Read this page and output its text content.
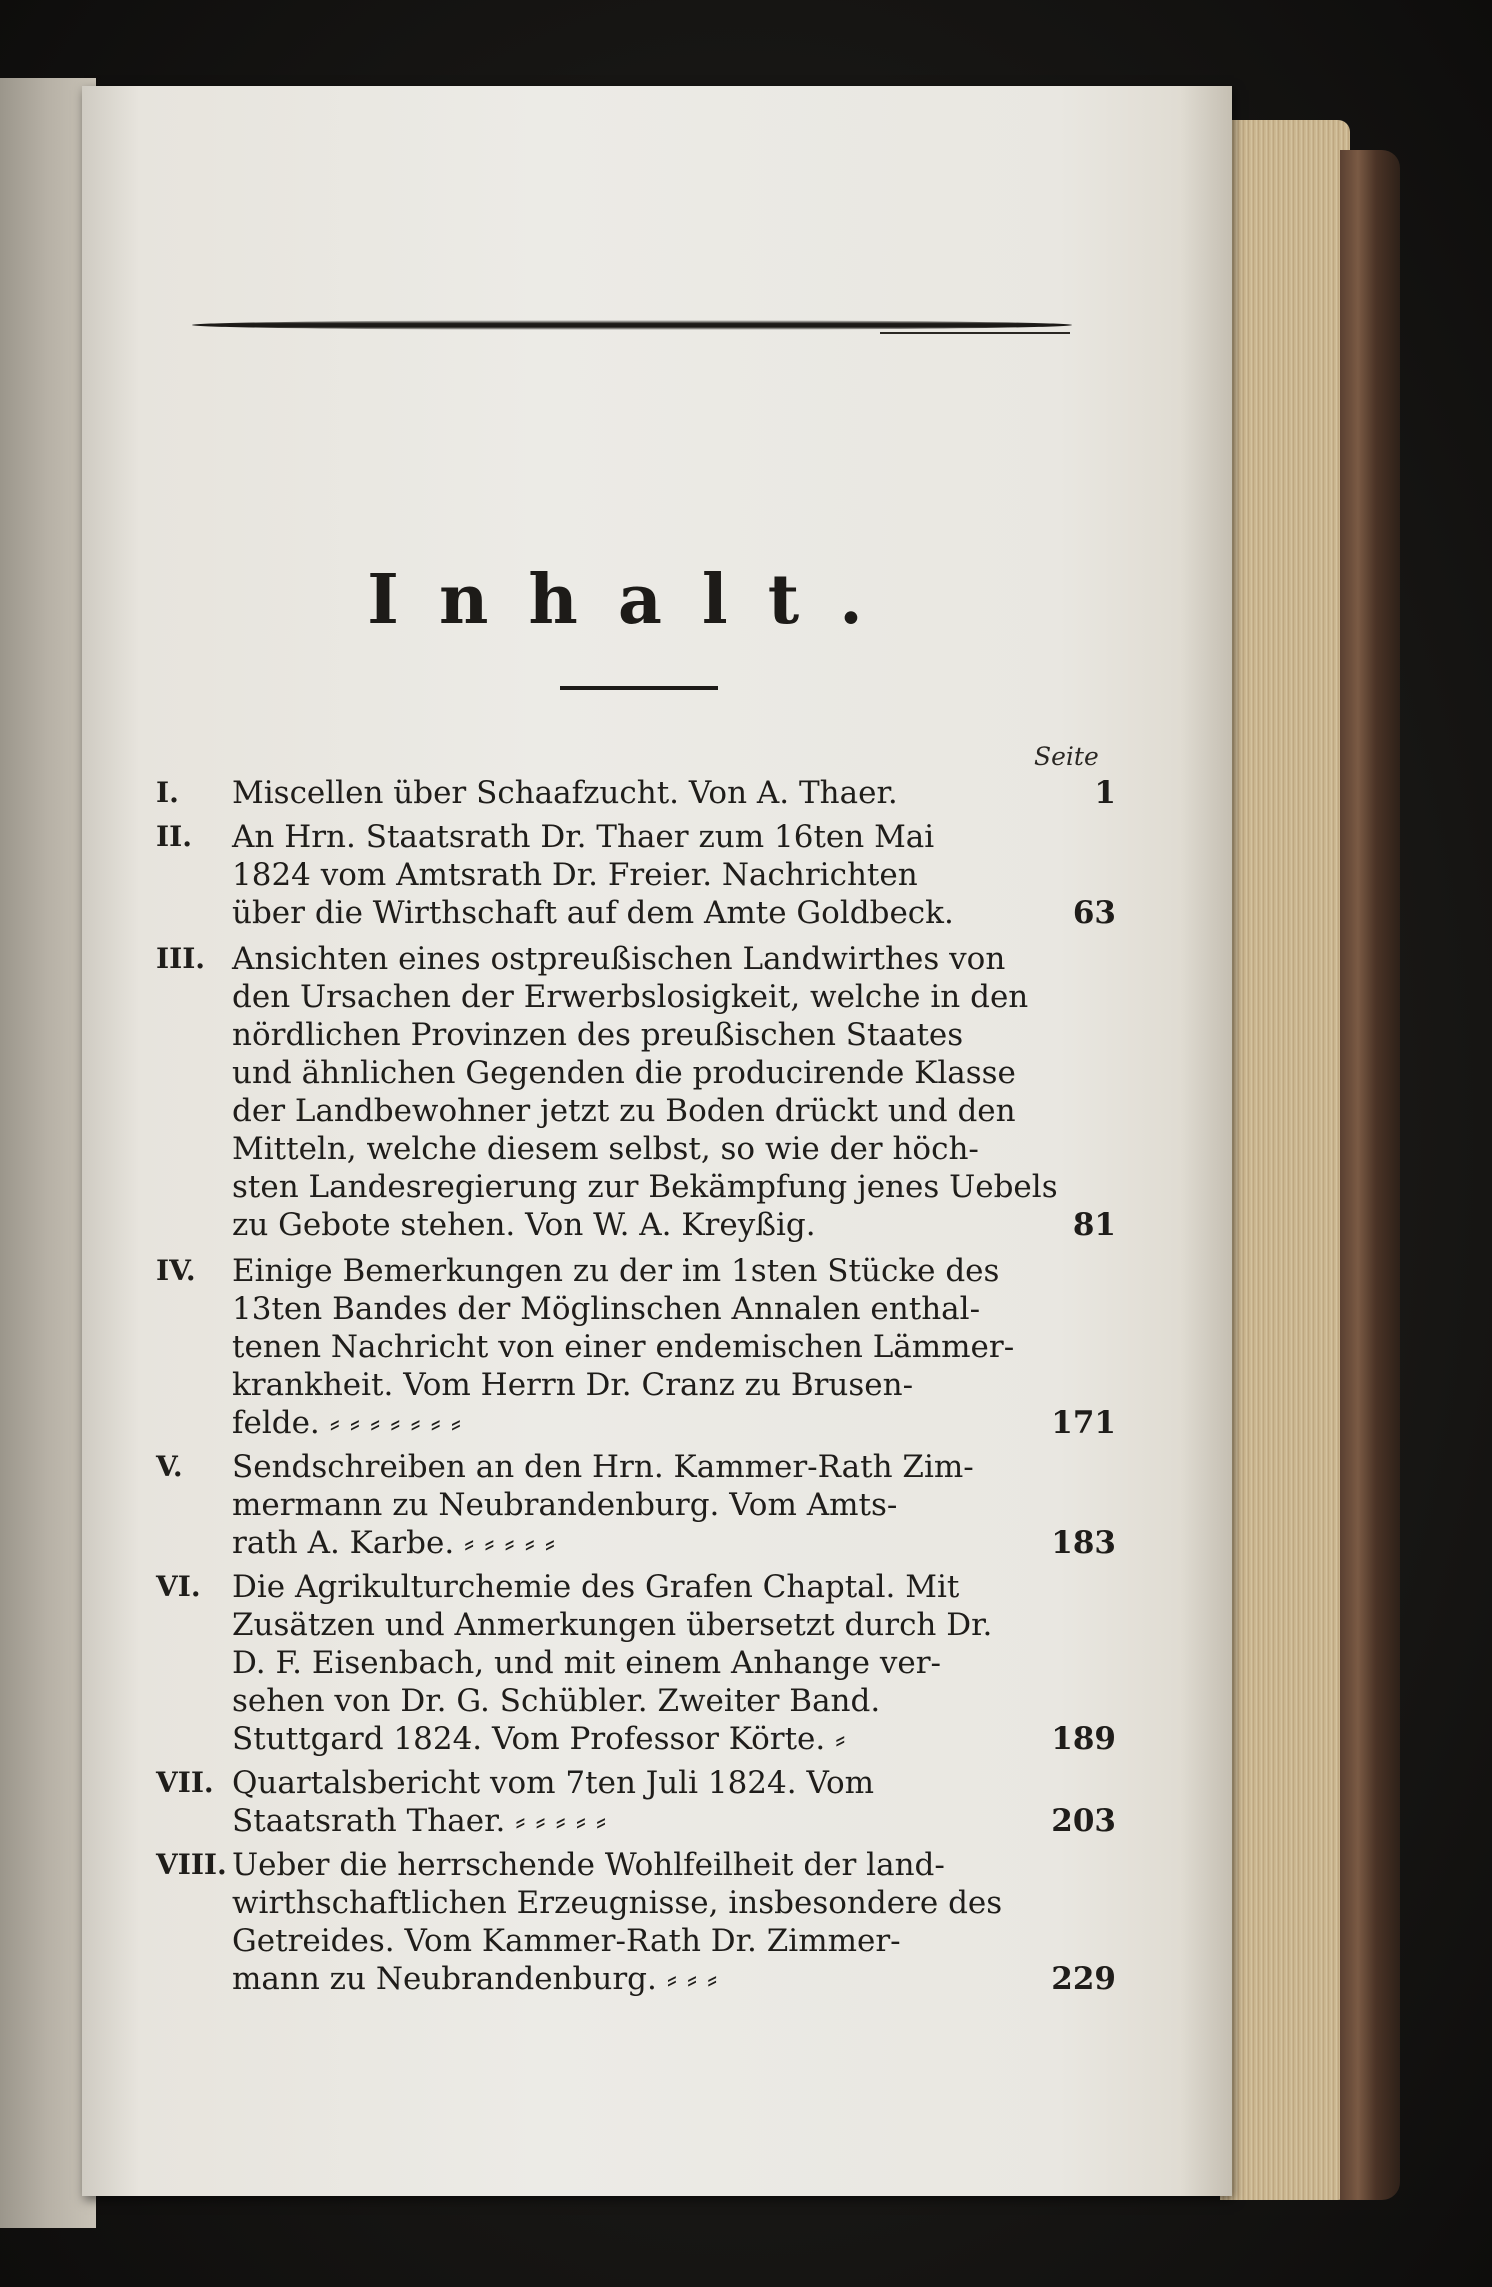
Inhalt.
Seite
I.	Miscellen über Schaafzucht. Von A. Thaer.	1
II.	An Hrn. Staatsrath Dr. Thaer zum 16ten Mai
1824 vom Amtsrath Dr. Freier. Nachrichten
über die Wirthschaft auf dem Amte Goldbeck.	63
III. Ansichten eines ostpreußischen Landwirthes von
den Ursachen der Erwerbslosigkeit, welche in den
nördlichen Provinzen des preußischen Staates
und ähnlichen Gegenden die producirende Klasse
der Landbewohner jetzt zu Boden drückt und den
Mitteln, welche diesem selbst, so wie der höch-
sten Landesregierung zur Bekämpfung jenes Uebels
zu Gebote stehen. Von W. A. Kreyßig.	81
IV.	Einige Bemerkungen zu der im 1sten Stücke des
13ten Bandes der Möglinschen Annalen enthal-
tenen Nachricht von einer endemischen Lämmer-
krankheit. Vom Herrn Dr. Cranz zu Brusen-
felde. ⸗ ⸗ ⸗ ⸗ ⸗ ⸗ ⸗	171
V.	Sendschreiben an den Hrn. Kammer-Rath Zim-
mermann zu Neubrandenburg. Vom Amts-
rath A. Karbe. ⸗ ⸗ ⸗ ⸗ ⸗	183
VI.	Die Agrikulturchemie des Grafen Chaptal. Mit
Zusätzen und Anmerkungen übersetzt durch Dr.
D. F. Eisenbach, und mit einem Anhange ver-
sehen von Dr. G. Schübler. Zweiter Band.
Stuttgard 1824. Vom Professor Körte. ⸗	189
VII. Quartalsbericht vom 7ten Juli 1824. Vom
Staatsrath Thaer. ⸗ ⸗ ⸗ ⸗ ⸗	203
VIII. Ueber die herrschende Wohlfeilheit der land-
wirthschaftlichen Erzeugnisse, insbesondere des
Getreides. Vom Kammer-Rath Dr. Zimmer-
mann zu Neubrandenburg. ⸗ ⸗ ⸗	229
